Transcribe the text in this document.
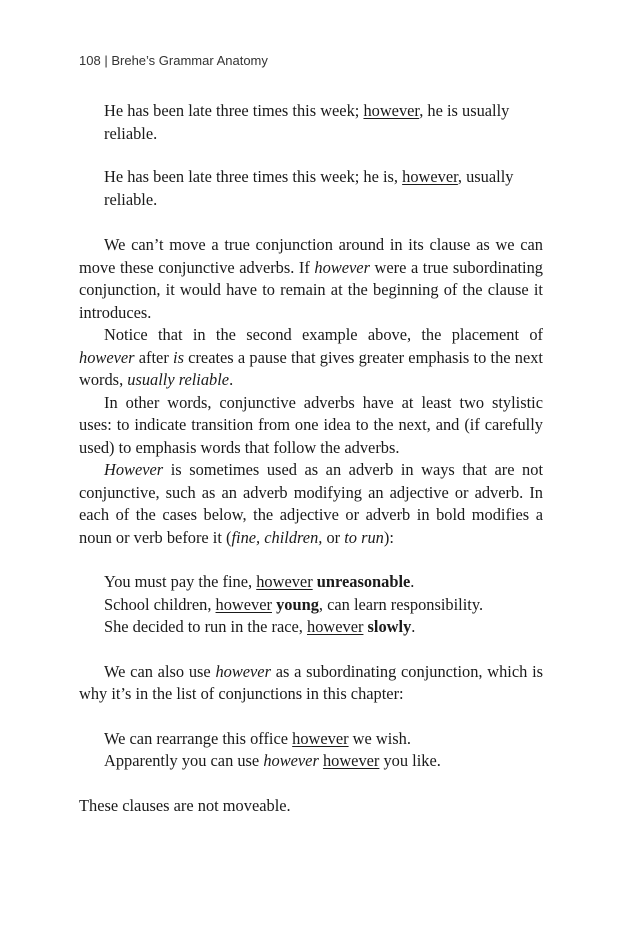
108 | Brehe’s Grammar Anatomy

He has been late three times this week; however, he is usually reliable.

He has been late three times this week; he is, however, usually reliable.

We can’t move a true conjunction around in its clause as we can move these conjunctive adverbs. If however were a true subordinating conjunction, it would have to remain at the beginning of the clause it introduces.

Notice that in the second example above, the placement of however after is creates a pause that gives greater emphasis to the next words, usually reliable.

In other words, conjunctive adverbs have at least two stylistic uses: to indicate transition from one idea to the next, and (if carefully used) to emphasis words that follow the adverbs.

However is sometimes used as an adverb in ways that are not conjunctive, such as an adverb modifying an adjective or adverb. In each of the cases below, the adjective or adverb in bold modifies a noun or verb before it (fine, children, or to run):

You must pay the fine, however unreasonable.

School children, however young, can learn responsibility.

She decided to run in the race, however slowly.

We can also use however as a subordinating conjunction, which is why it’s in the list of conjunctions in this chapter:

We can rearrange this office however we wish.

Apparently you can use however however you like.

These clauses are not moveable.
